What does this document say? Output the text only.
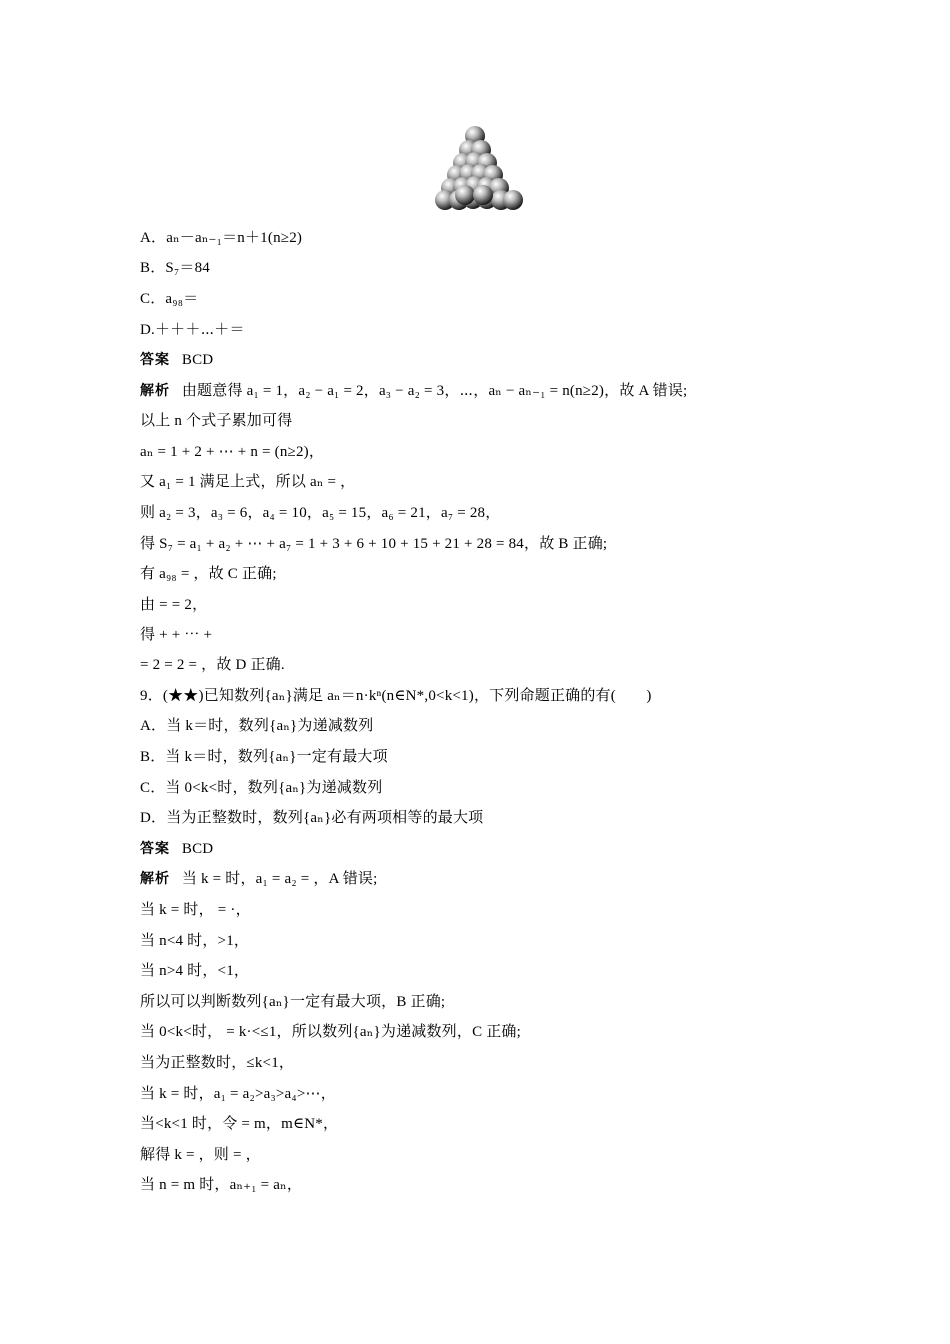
A．aₙ－aₙ₋₁＝n＋1(n≥2)
B．S₇＝84
C．a₉₈＝
D.＋＋＋⋯＋＝
答案 BCD
解析 由题意得 a₁ = 1，a₂ − a₁ = 2，a₃ − a₂ = 3，⋯，aₙ − aₙ₋₁ = n(n≥2)，故 A 错误;
以上 n 个式子累加可得
aₙ = 1 + 2 + ⋯ + n = (n≥2)，
又 a₁ = 1 满足上式，所以 aₙ = ，
则 a₂ = 3，a₃ = 6，a₄ = 10，a₅ = 15，a₆ = 21，a₇ = 28，
得 S₇ = a₁ + a₂ + ⋯ + a₇ = 1 + 3 + 6 + 10 + 15 + 21 + 28 = 84，故 B 正确;
有 a₉₈ = ，故 C 正确;
由 = = 2，
得 + + ⋯ +
= 2 = 2 = ，故 D 正确.
9．(★★)已知数列{aₙ}满足 aₙ＝n·kⁿ(n∈N*,0<k<1)，下列命题正确的有(　　)
A．当 k＝时，数列{aₙ}为递减数列
B．当 k＝时，数列{aₙ}一定有最大项
C．当 0<k<时，数列{aₙ}为递减数列
D．当为正整数时，数列{aₙ}必有两项相等的最大项
答案 BCD
解析 当 k = 时，a₁ = a₂ = ，A 错误;
当 k = 时， = ·，
当 n<4 时，>1，
当 n>4 时，<1，
所以可以判断数列{aₙ}一定有最大项，B 正确;
当 0<k<时， = k·<≤1，所以数列{aₙ}为递减数列，C 正确;
当为正整数时，≤k<1，
当 k = 时，a₁ = a₂>a₃>a₄>⋯，
当<k<1 时，令 = m，m∈N*，
解得 k = ，则 = ，
当 n = m 时，aₙ₊₁ = aₙ，
